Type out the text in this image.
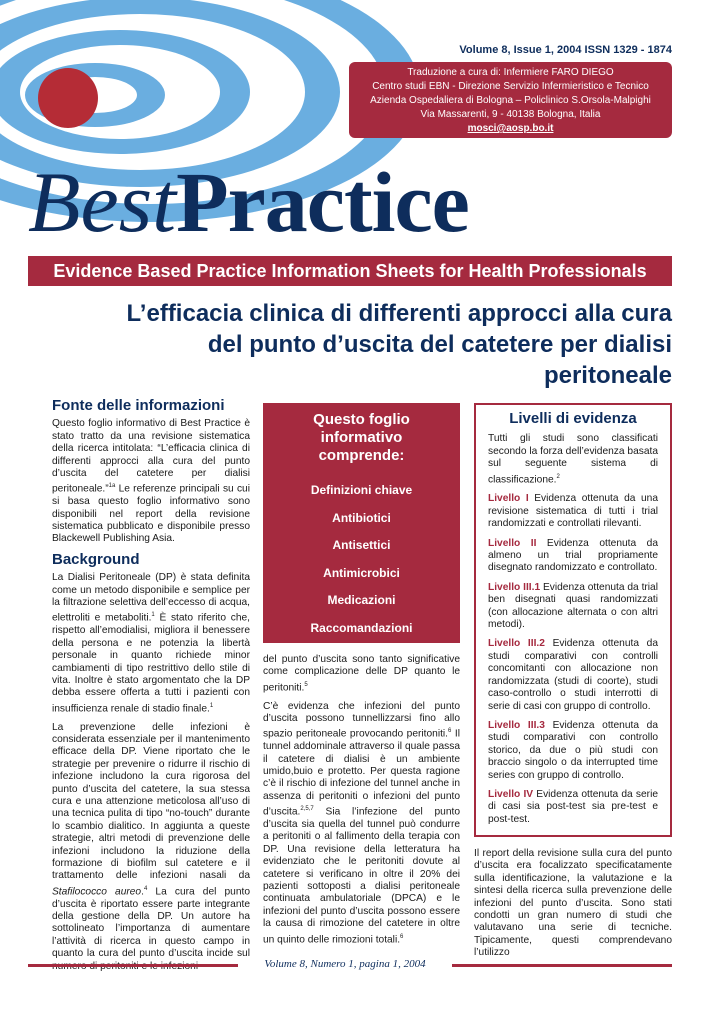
Volume 8, Issue 1, 2004 ISSN 1329 - 1874
Traduzione a cura di: Infermiere FARO DIEGO
Centro studi EBN - Direzione Servizio Infermieristico e Tecnico
Azienda Ospedaliera di Bologna – Policlinico S.Orsola-Malpighi
Via Massarenti, 9 - 40138 Bologna, Italia
mosci@aosp.bo.it
BestPractice
Evidence Based Practice Information Sheets for Health Professionals
L’efficacia clinica di differenti approcci alla cura del punto d’uscita del catetere per dialisi peritoneale
Fonte delle informazioni

Questo foglio informativo di Best Practice è stato tratto da una revisione sistematica della ricerca intitolata: “L’efficacia clinica di differenti approcci alla cura del punto d’uscita del catetere per dialisi peritoneale.”$^{1a}$ Le referenze principali su cui si basa questo foglio informativo sono disponibili nel report della revisione sistematica pubblicato e disponibile presso Blackewell Publishing Asia.

Background

La Dialisi Peritoneale (DP) è stata definita come un metodo disponibile e semplice per la filtrazione selettiva dell’eccesso di acqua, elettroliti e metaboliti.$^1$ È stato riferito che, rispetto all’emodialisi, migliora il benessere della persona e ne potenzia la libertà personale in quanto richiede minor cambiamenti di tipo restrittivo dello stile di vita. Inoltre è stato argomentato che la DP debba essere offerta a tutti i pazienti con insufficienza renale di stadio finale.$^1$

La prevenzione delle infezioni è considerata essenziale per il mantenimento efficace della DP. Viene riportato che le strategie per prevenire o ridurre il rischio di infezione includono la cura rigorosa del punto d’uscita del catetere, la sua stessa cura e una attenzione meticolosa all’uso di una tecnica pulita di tipo “no-touch” durante lo scambio dialitico. In aggiunta a queste strategie, altri metodi di prevenzione delle infezioni includono la riduzione della formazione di biofilm sul catetere e il trattamento delle infezioni nasali da Stafilococco aureo.$^4$ La cura del punto d’uscita è riportato essere parte integrante della gestione della DP. Un autore ha sottolineato l’importanza di aumentare l’attività di ricerca in questo campo in quanto la cura del punto d’uscita incide sul numero di peritoniti e le infezioni

Questo foglio informativo comprende:
Definizioni chiave
Antibiotici
Antisettici
Antimicrobici
Medicazioni
Raccomandazioni

del punto d’uscita sono tanto significative come complicazione delle DP quanto le peritoniti.$^5$

C’è evidenza che infezioni del punto d’uscita possono tunnellizzarsi fino allo spazio peritoneale provocando peritoniti.$^6$ Il tunnel addominale attraverso il quale passa il catetere di dialisi è un ambiente umido,buio e protetto. Per questa ragione c’è il rischio di infezione del tunnel anche in assenza di peritoniti o infezioni del punto d’uscita.$^{2,5,7}$ Sia l’infezione del punto d’uscita sia quella del tunnel può condurre a peritoniti o al fallimento della terapia con DP. Una revisione della letteratura ha evidenziato che le peritoniti dovute al catetere si verificano in oltre il 20% dei pazienti sottoposti a dialisi peritoneale continuata ambulatoriale (DPCA) e le infezioni del punto d’uscita possono essere la causa di rimozione del catetere in oltre un quinto delle rimozioni totali.$^6$

Livelli di evidenza

Tutti gli studi sono classificati secondo la forza dell’evidenza basata sul seguente sistema di classificazione.$^2$

Livello I Evidenza ottenuta da una revisione sistematica di tutti i trial randomizzati e controllati rilevanti.

Livello II Evidenza ottenuta da almeno un trial propriamente disegnato randomizzato e controllato.

Livello III.1 Evidenza ottenuta da trial ben disegnati quasi randomizzati (con allocazione alternata o con altri metodi).

Livello III.2 Evidenza ottenuta da studi comparativi con controlli concomitanti con allocazione non randomizzata (studi di coorte), studi caso-controllo o studi interrotti di serie di casi con gruppo di controllo.

Livello III.3 Evidenza ottenuta da studi comparativi con controllo storico, da due o più studi con braccio singolo o da interrupted time series con gruppo di controllo.

Livello IV Evidenza ottenuta da serie di casi sia post-test sia pre-test e post-test.

Il report della revisione sulla cura del punto d’uscita era focalizzato specificatamente sulla identificazione, la valutazione e la sintesi della ricerca sulla prevenzione delle infezioni del punto d’uscita. Sono stati condotti un gran numero di studi che valutavano una serie di tecniche. Tipicamente, questi comprendevano l’utilizzo

Volume 8, Numero 1, pagina 1, 2004
